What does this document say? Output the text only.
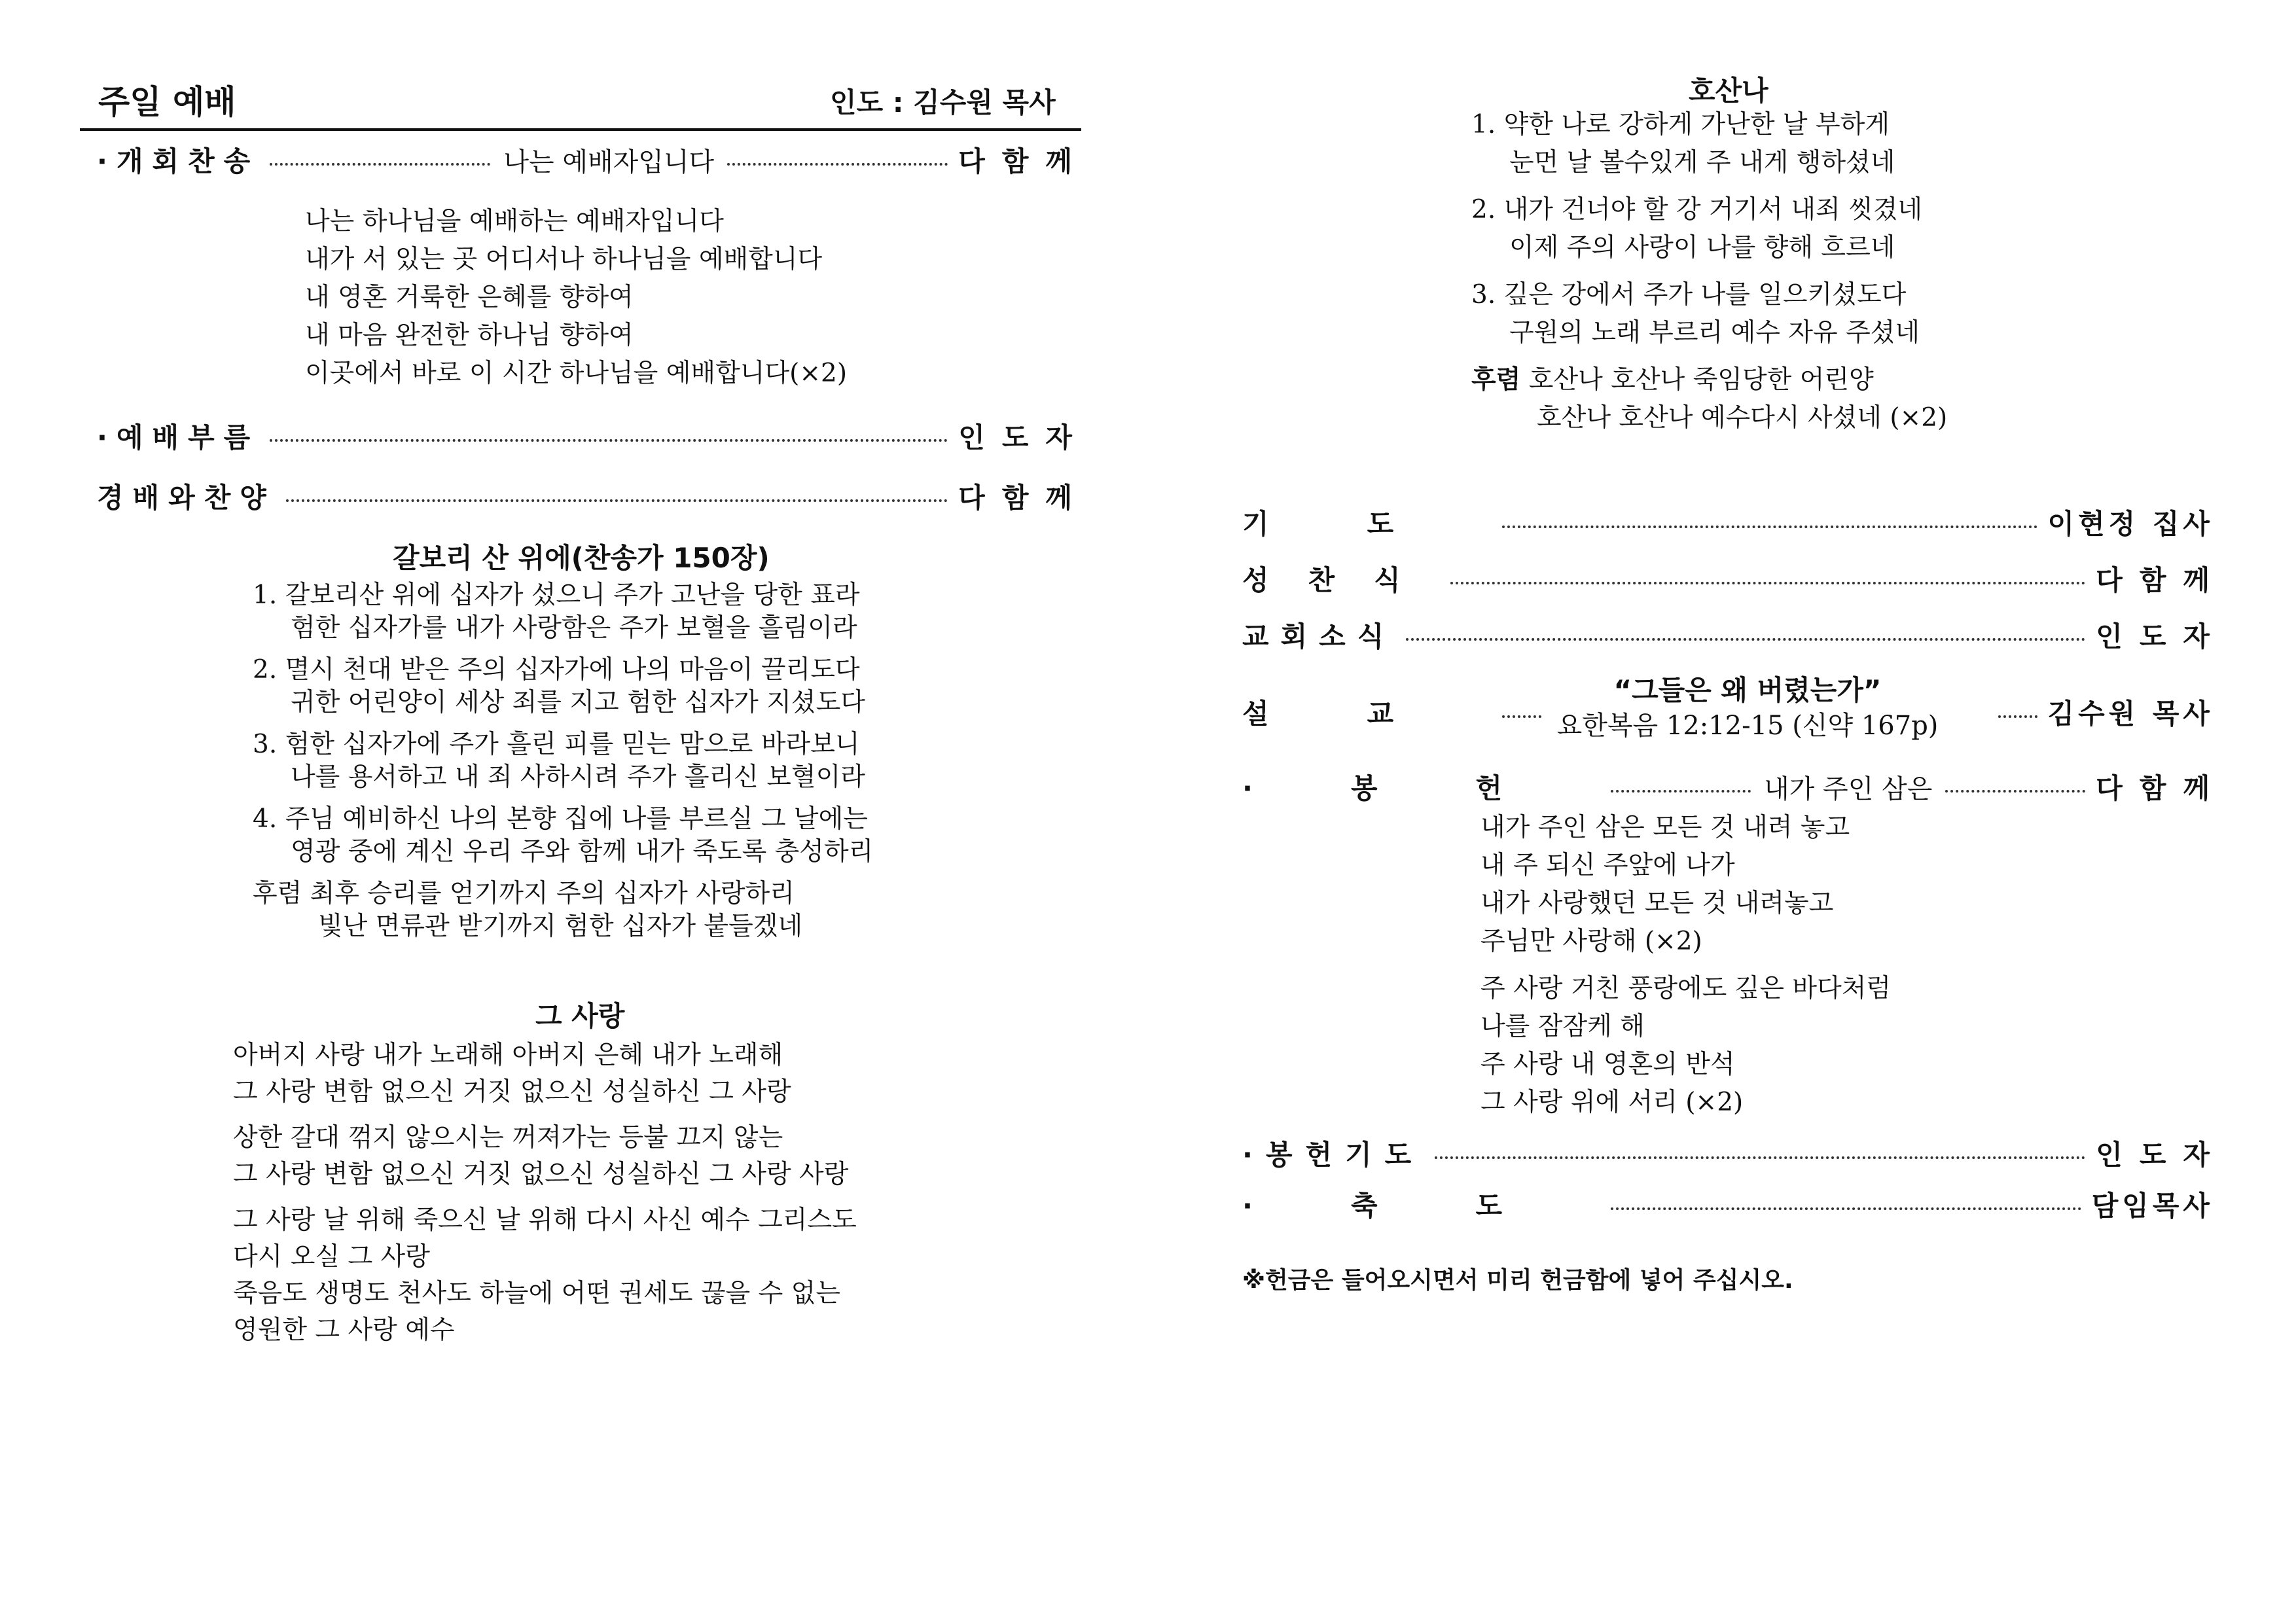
주일 예배	인도 : 김수원 목사
·개회찬송	나는 예배자입니다	다함께
나는 하나님을 예배하는 예배자입니다
내가 서 있는 곳 어디서나 하나님을 예배합니다
내 영혼 거룩한 은혜를 향하여
내 마음 완전한 하나님 향하여
이곳에서 바로 이 시간 하나님을 예배합니다(×2)
·예배부름	인도자
경배와찬양	다함께
갈보리 산 위에(찬송가 150장)
1. 갈보리산 위에 십자가 섰으니 주가 고난을 당한 표라
험한 십자가를 내가 사랑함은 주가 보혈을 흘림이라
2. 멸시 천대 받은 주의 십자가에 나의 마음이 끌리도다
귀한 어린양이 세상 죄를 지고 험한 십자가 지셨도다
3. 험한 십자가에 주가 흘린 피를 믿는 맘으로 바라보니
나를 용서하고 내 죄 사하시려 주가 흘리신 보혈이라
4. 주님 예비하신 나의 본향 집에 나를 부르실 그 날에는
영광 중에 계신 우리 주와 함께 내가 죽도록 충성하리
후렴 최후 승리를 얻기까지 주의 십자가 사랑하리
빛난 면류관 받기까지 험한 십자가 붙들겠네
그 사랑
아버지 사랑 내가 노래해 아버지 은혜 내가 노래해
그 사랑 변함 없으신 거짓 없으신 성실하신 그 사랑
상한 갈대 꺾지 않으시는 꺼져가는 등불 끄지 않는
그 사랑 변함 없으신 거짓 없으신 성실하신 그 사랑 사랑
그 사랑 날 위해 죽으신 날 위해 다시 사신 예수 그리스도
다시 오실 그 사랑
죽음도 생명도 천사도 하늘에 어떤 권세도 끊을 수 없는
영원한 그 사랑 예수
호산나
1. 약한 나로 강하게 가난한 날 부하게
눈먼 날 볼수있게 주 내게 행하셨네
2. 내가 건너야 할 강 거기서 내죄 씻겼네
이제 주의 사랑이 나를 향해 흐르네
3. 깊은 강에서 주가 나를 일으키셨도다
구원의 노래 부르리 예수 자유 주셨네
후렴 호산나 호산나 죽임당한 어린양
호산나 호산나 예수다시 사셨네 (×2)
기도	이현정 집사
성찬식	다함께
교회소식	인도자
설교	김수원 목사
“그들은 왜 버렸는가”
요한복음 12:12-15 (신약 167p)
·봉헌	내가 주인 삼은	다함께
내가 주인 삼은 모든 것 내려 놓고
내 주 되신 주앞에 나가
내가 사랑했던 모든 것 내려놓고
주님만 사랑해 (×2)
주 사랑 거친 풍랑에도 깊은 바다처럼
나를 잠잠케 해
주 사랑 내 영혼의 반석
그 사랑 위에 서리 (×2)
·봉헌기도	인도자
·축도	담임목사
※헌금은 들어오시면서 미리 헌금함에 넣어 주십시오.
